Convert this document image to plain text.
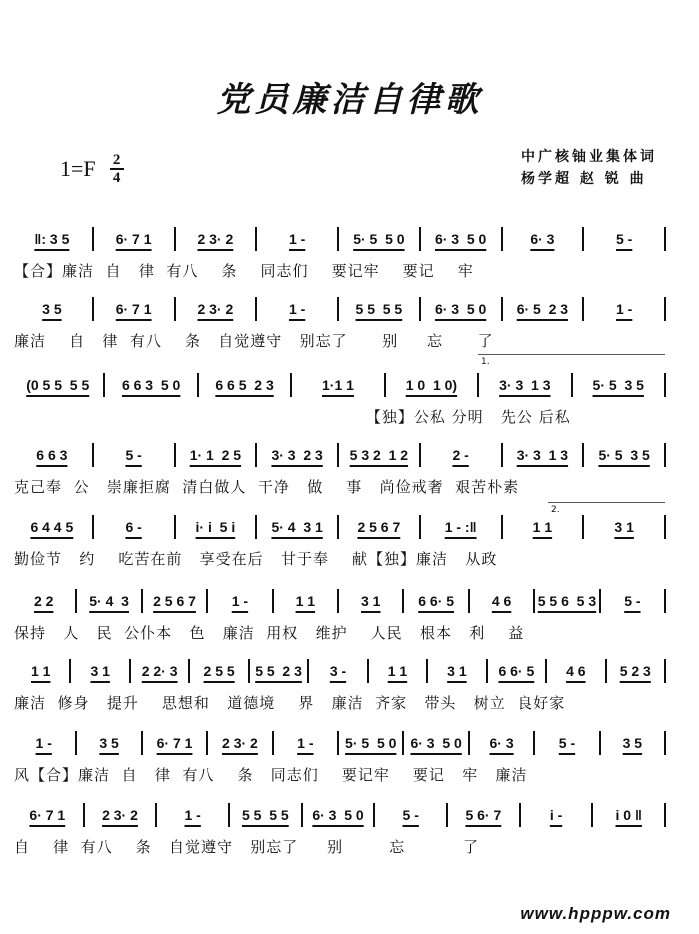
党员廉洁自律歌
$1=F \frac{2}{4}$	中广核铀业集体词
杨学超 赵 锐 曲
1.
2.
‖: 3 5	6· 7 1	2 3· 2	1 -	5· 5  5 0	6· 3  5 0	6· 3	5 -
【合】廉洁  自   律  有八    条    同志们    要记牢    要记    牢
3 5	6· 7 1	2 3· 2	1 -	5 5  5 5	6· 3  5 0	6· 5  2 3	1 -
廉洁    自   律  有八    条   自觉遵守   别忘了      别     忘      了
(0 5 5  5 5	6 6 3  5 0	6 6 5  2 3	1·1 1	1 0  1 0)	3· 3  1 3	5· 5  3 5
【独】公私 分明   先公 后私
6 6 3	5 -	1· 1  2 5	3· 3  2 3	5 3 2  1 2	2 -	3· 3  1 3	5· 5  3 5
克己奉  公   崇廉拒腐  清白做人  干净   做    事   尚俭戒奢  艰苦朴素
6 4 4 5	6 -	i· i  5 i	5· 4  3 1	2 5 6 7	1 - :‖	1 1	3 1
勤俭节   约    吃苦在前   享受在后   甘于奉    献【独】廉洁   从政
2 2	5· 4  3	2 5 6 7	1 -	1 1	3 1	6 6· 5	4 6	5 5 6  5 3	5 -
保持   人   民  公仆本   色   廉洁  用权   维护    人民   根本   利    益
1 1	3 1	2 2· 3	2 5 5	5 5  2 3	3 -	1 1	3 1	6 6· 5	4 6	5 2 3
廉洁  修身   提升    思想和   道德境    界   廉洁  齐家   带头   树立  良好家
1 -	3 5	6· 7 1	2 3· 2	1 -	5· 5  5 0 6· 3  5 0	6· 3	5 -	3 5
风【合】廉洁  自   律  有八    条   同志们    要记牢    要记   牢   廉洁
6· 7 1	2 3· 2	1 -	5 5  5 5	6· 3  5 0	5 -	5 6· 7	i -	i 0 ‖
自    律  有八    条   自觉遵守   别忘了     别        忘          了
www.hpppw.com
